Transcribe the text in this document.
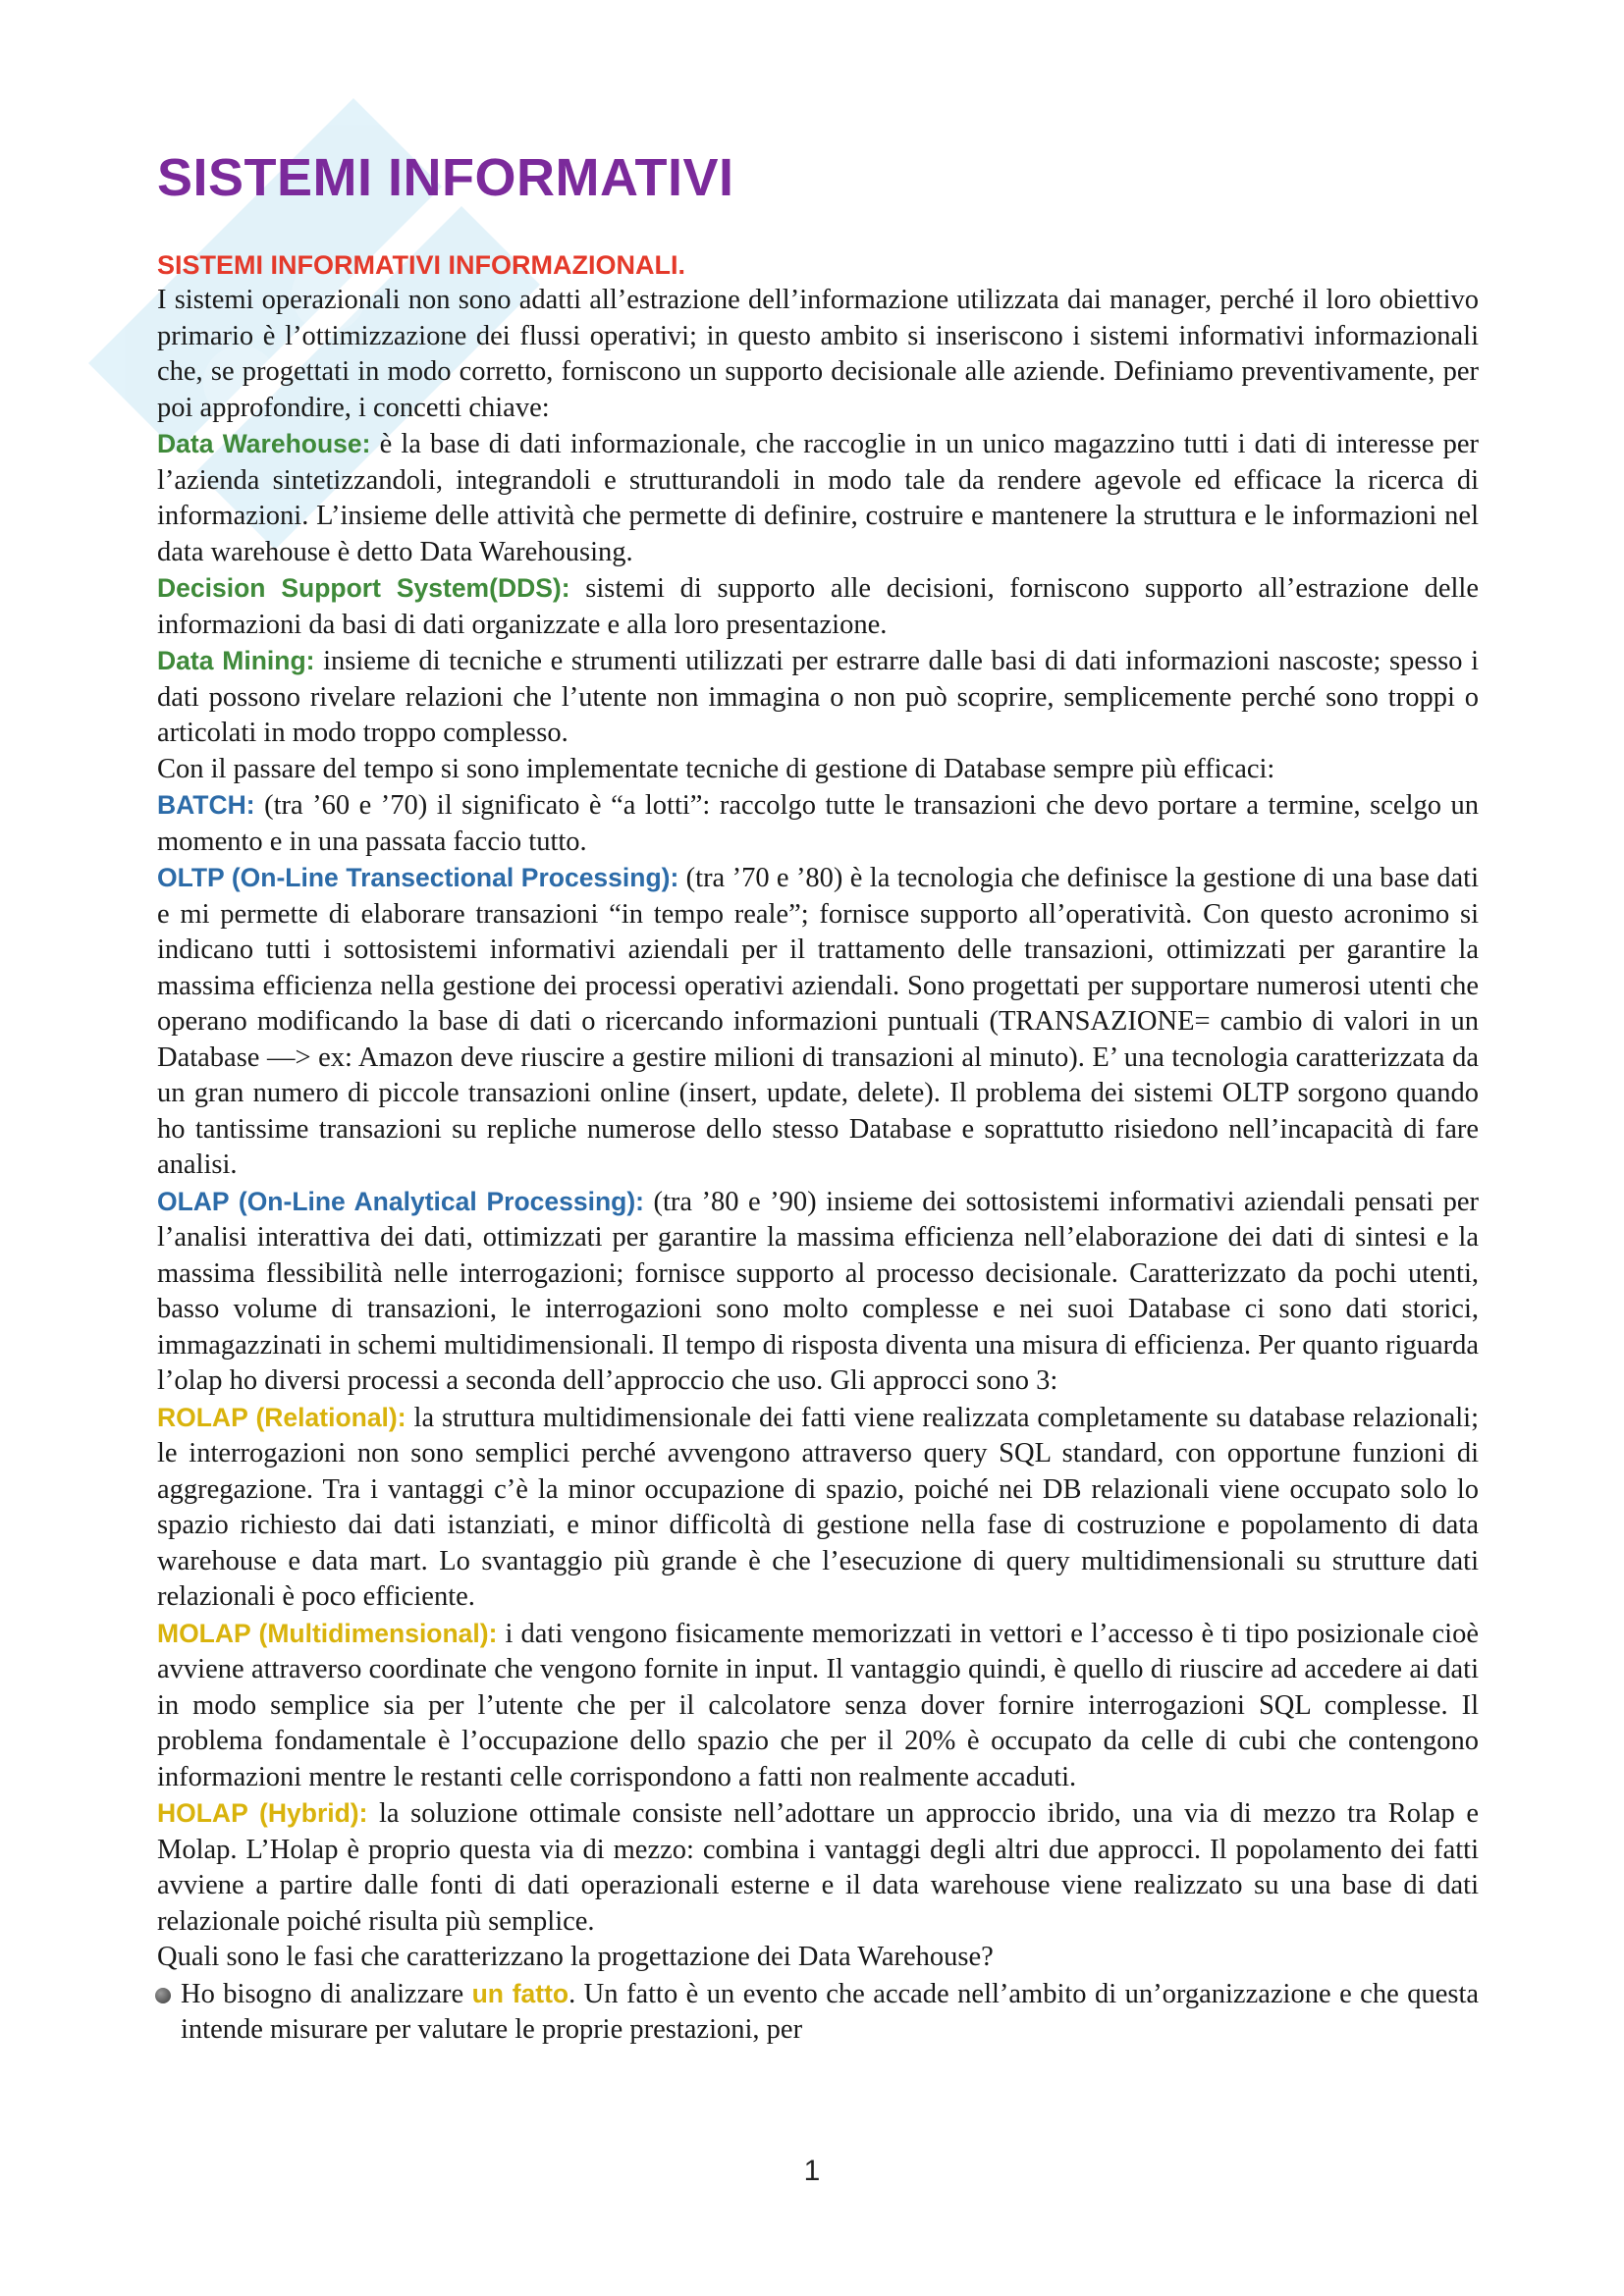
SISTEMI INFORMATIVI
SISTEMI INFORMATIVI INFORMAZIONALI.

I sistemi operazionali non sono adatti all’estrazione dell’informazione utilizzata dai manager, perché il loro obiettivo primario è l’ottimizzazione dei flussi operativi; in questo ambito si inseriscono i sistemi informativi informazionali che, se progettati in modo corretto, forniscono un supporto decisionale alle aziende. Definiamo preventivamente, per poi approfondire, i concetti chiave:

Data Warehouse: è la base di dati informazionale, che raccoglie in un unico magazzino tutti i dati di interesse per l’azienda sintetizzandoli, integrandoli e strutturandoli in modo tale da rendere agevole ed efficace la ricerca di informazioni. L’insieme delle attività che permette di definire, costruire e mantenere la struttura e le informazioni nel data warehouse è detto Data Warehousing.

Decision Support System(DDS): sistemi di supporto alle decisioni, forniscono supporto all’estrazione delle informazioni da basi di dati organizzate e alla loro presentazione.

Data Mining: insieme di tecniche e strumenti utilizzati per estrarre dalle basi di dati informazioni nascoste; spesso i dati possono rivelare relazioni che l’utente non immagina o non può scoprire, semplicemente perché sono troppi o articolati in modo troppo complesso.

Con il passare del tempo si sono implementate tecniche di gestione di Database sempre più efficaci:

BATCH: (tra ’60 e ’70) il significato è “a lotti”: raccolgo tutte le transazioni che devo portare a termine, scelgo un momento e in una passata faccio tutto.

OLTP (On-Line Transectional Processing): (tra ’70 e ’80) è la tecnologia che definisce la gestione di una base dati e mi permette di elaborare transazioni “in tempo reale”; fornisce supporto all’operatività. Con questo acronimo si indicano tutti i sottosistemi informativi aziendali per il trattamento delle transazioni, ottimizzati per garantire la massima efficienza nella gestione dei processi operativi aziendali. Sono progettati per supportare numerosi utenti che operano modificando la base di dati o ricercando informazioni puntuali (TRANSAZIONE= cambio di valori in un Database —> ex: Amazon deve riuscire a gestire milioni di transazioni al minuto). E’ una tecnologia caratterizzata da un gran numero di piccole transazioni online (insert, update, delete). Il problema dei sistemi OLTP sorgono quando ho tantissime transazioni su repliche numerose dello stesso Database e soprattutto risiedono nell’incapacità di fare analisi.

OLAP (On-Line Analytical Processing): (tra ’80 e ’90) insieme dei sottosistemi informativi aziendali pensati per l’analisi interattiva dei dati, ottimizzati per garantire la massima efficienza nell’elaborazione dei dati di sintesi e la massima flessibilità nelle interrogazioni; fornisce supporto al processo decisionale. Caratterizzato da pochi utenti, basso volume di transazioni, le interrogazioni sono molto complesse e nei suoi Database ci sono dati storici, immagazzinati in schemi multidimensionali. Il tempo di risposta diventa una misura di efficienza. Per quanto riguarda l’olap ho diversi processi a seconda dell’approccio che uso. Gli approcci sono 3:

ROLAP (Relational): la struttura multidimensionale dei fatti viene realizzata completamente su database relazionali; le interrogazioni non sono semplici perché avvengono attraverso query SQL standard, con opportune funzioni di aggregazione. Tra i vantaggi c’è la minor occupazione di spazio, poiché nei DB relazionali viene occupato solo lo spazio richiesto dai dati istanziati, e minor difficoltà di gestione nella fase di costruzione e popolamento di data warehouse e data mart. Lo svantaggio più grande è che l’esecuzione di query multidimensionali su strutture dati relazionali è poco efficiente.

MOLAP (Multidimensional): i dati vengono fisicamente memorizzati in vettori e l’accesso è ti tipo posizionale cioè avviene attraverso coordinate che vengono fornite in input. Il vantaggio quindi, è quello di riuscire ad accedere ai dati in modo semplice sia per l’utente che per il calcolatore senza dover fornire interrogazioni SQL complesse. Il problema fondamentale è l’occupazione dello spazio che per il 20% è occupato da celle di cubi che contengono informazioni mentre le restanti celle corrispondono a fatti non realmente accaduti.

HOLAP (Hybrid): la soluzione ottimale consiste nell’adottare un approccio ibrido, una via di mezzo tra Rolap e Molap. L’Holap è proprio questa via di mezzo: combina i vantaggi degli altri due approcci. Il popolamento dei fatti avviene a partire dalle fonti di dati operazionali esterne e il data warehouse viene realizzato su una base di dati relazionale poiché risulta più semplice.

Quali sono le fasi che caratterizzano la progettazione dei Data Warehouse?

Ho bisogno di analizzare un fatto. Un fatto è un evento che accade nell’ambito di un’organizzazione e che questa intende misurare per valutare le proprie prestazioni, per

1
